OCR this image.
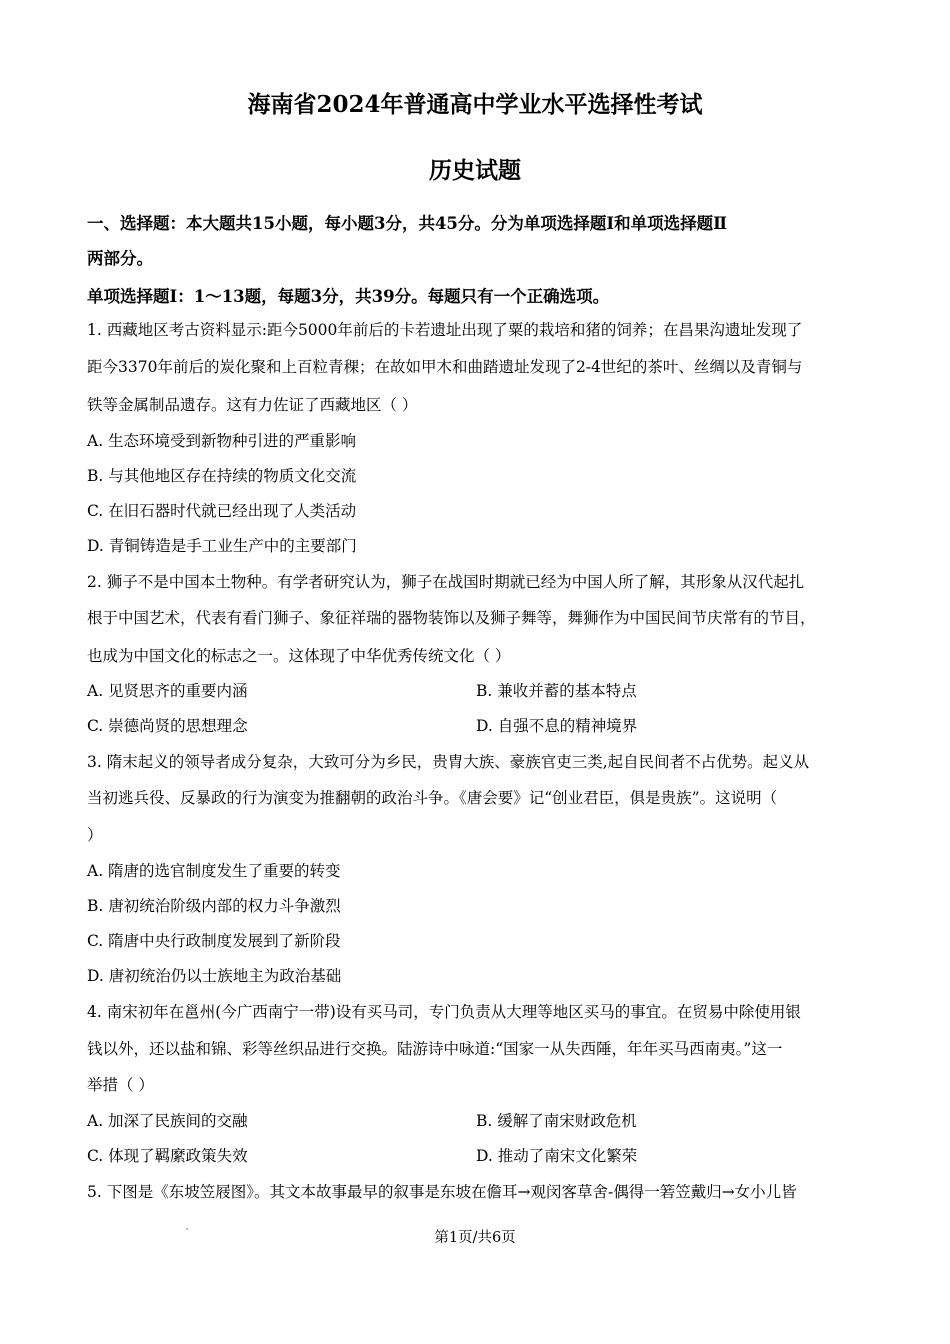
海南省2024年普通高中学业水平选择性考试
历史试题
一、选择题：本大题共15小题，每小题3分，共45分。分为单项选择题Ⅰ和单项选择题Ⅱ
两部分。
单项选择题Ⅰ：1～13题，每题3分，共39分。每题只有一个正确选项。
1. 西藏地区考古资料显示:距今5000年前后的卡若遗址出现了粟的栽培和猪的饲养；在昌果沟遗址发现了
距今3370年前后的炭化聚和上百粒青稞；在故如甲木和曲踏遗址发现了2-4世纪的茶叶、丝绸以及青铜与
铁等金属制品遗存。这有力佐证了西藏地区（ ）
A. 生态环境受到新物种引进的严重影响
B. 与其他地区存在持续的物质文化交流
C. 在旧石器时代就已经出现了人类活动
D. 青铜铸造是手工业生产中的主要部门
2. 狮子不是中国本土物种。有学者研究认为，狮子在战国时期就已经为中国人所了解，其形象从汉代起扎
根于中国艺术，代表有看门狮子、象征祥瑞的器物装饰以及狮子舞等，舞狮作为中国民间节庆常有的节目，
也成为中国文化的标志之一。这体现了中华优秀传统文化（ ）
A. 见贤思齐的重要内涵	B. 兼收并蓄的基本特点
C. 崇德尚贤的思想理念	D. 自强不息的精神境界
3. 隋末起义的领导者成分复杂，大致可分为乡民，贵胄大族、豪族官吏三类,起自民间者不占优势。起义从
当初逃兵役、反暴政的行为演变为推翻朝的政治斗争。《唐会要》记“创业君臣，俱是贵族”。这说明（
）
A. 隋唐的选官制度发生了重要的转变
B. 唐初统治阶级内部的权力斗争激烈
C. 隋唐中央行政制度发展到了新阶段
D. 唐初统治仍以士族地主为政治基础
4. 南宋初年在邕州(今广西南宁一带)设有买马司，专门负责从大理等地区买马的事宜。在贸易中除使用银
钱以外，还以盐和锦、彩等丝织品进行交换。陆游诗中咏道:“国家一从失西陲，年年买马西南夷。”这一
举措（ ）
A. 加深了民族间的交融	B. 缓解了南宋财政危机
C. 体现了羁縻政策失效	D. 推动了南宋文化繁荣
5. 下图是《东坡笠屐图》。其文本故事最早的叙事是东坡在儋耳→观闵客草舍-偶得一箬笠戴归→女小儿皆
第1页/共6页
